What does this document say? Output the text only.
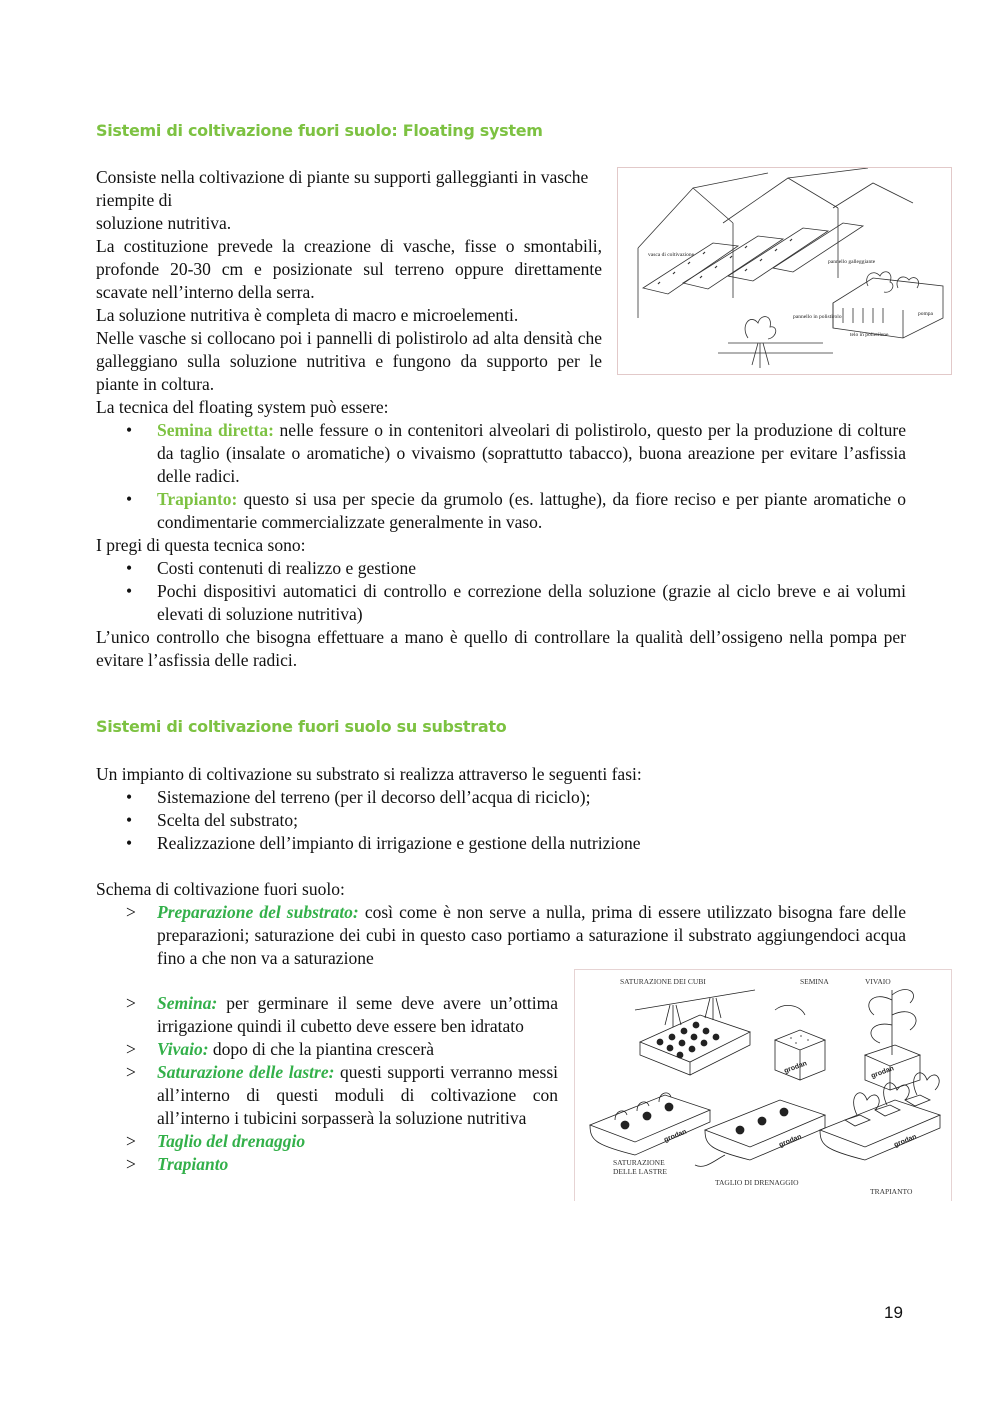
Sistemi di coltivazione fuori suolo: Floating system

Consiste nella coltivazione di piante su supporti galleggianti in vasche riempite di

soluzione nutritiva.

La costituzione prevede la creazione di vasche, fisse o smontabili, profonde 20-30 cm e posizionate sul terreno oppure direttamente scavate nell’interno della serra.

La soluzione nutritiva è completa di macro e microelementi.

Nelle vasche si collocano poi i pannelli di polistirolo ad alta densità che galleggiano sulla soluzione nutritiva e fungono da supporto per le piante in coltura.

vasca di coltivazione
pannello galleggiante
pannello in polistirolo
telo in polietilene
pompa

La tecnica del floating system può essere:

• Semina diretta: nelle fessure o in contenitori alveolari di polistirolo, questo per la produzione di colture da taglio (insalate o aromatiche) o vivaismo (soprattutto tabacco), buona areazione per evitare l’asfissia delle radici.
• Trapianto: questo si usa per specie da grumolo (es. lattughe), da fiore reciso e per piante aromatiche o condimentarie commercializzate generalmente in vaso.

I pregi di questa tecnica sono:

• Costi contenuti di realizzo e gestione
• Pochi dispositivi automatici di controllo e correzione della soluzione (grazie al ciclo breve e ai volumi elevati di soluzione nutritiva)

L’unico controllo che bisogna effettuare a mano è quello di controllare la qualità dell’ossigeno nella pompa per evitare l’asfissia delle radici.

Sistemi di coltivazione fuori suolo su substrato

Un impianto di coltivazione su substrato si realizza attraverso le seguenti fasi:

• Sistemazione del terreno (per il decorso dell’acqua di riciclo);
• Scelta del substrato;
• Realizzazione dell’impianto di irrigazione e gestione della nutrizione

Schema di coltivazione fuori suolo:

> Preparazione del substrato: così come è non serve a nulla, prima di essere utilizzato bisogna fare delle preparazioni; saturazione dei cubi in questo caso portiamo a saturazione il substrato aggiungendoci acqua fino a che non va a saturazione
SATURAZIONE DEI CUBI	SEMINA	VIVAIO
SATURAZIONE
DELLE LASTRE
TAGLIO DI DRENAGGIO
TRAPIANTO
grodan	grodan	grodan
grodan	grodan
> Semina: per germinare il seme deve avere un’ottima irrigazione quindi il cubetto deve essere ben idratato
> Vivaio: dopo di che la piantina crescerà
> Saturazione delle lastre: questi supporti verranno messi all’interno di questi moduli di coltivazione con all’interno i tubicini sorpasserà la soluzione nutritiva
> Taglio del drenaggio
> Trapianto
19
